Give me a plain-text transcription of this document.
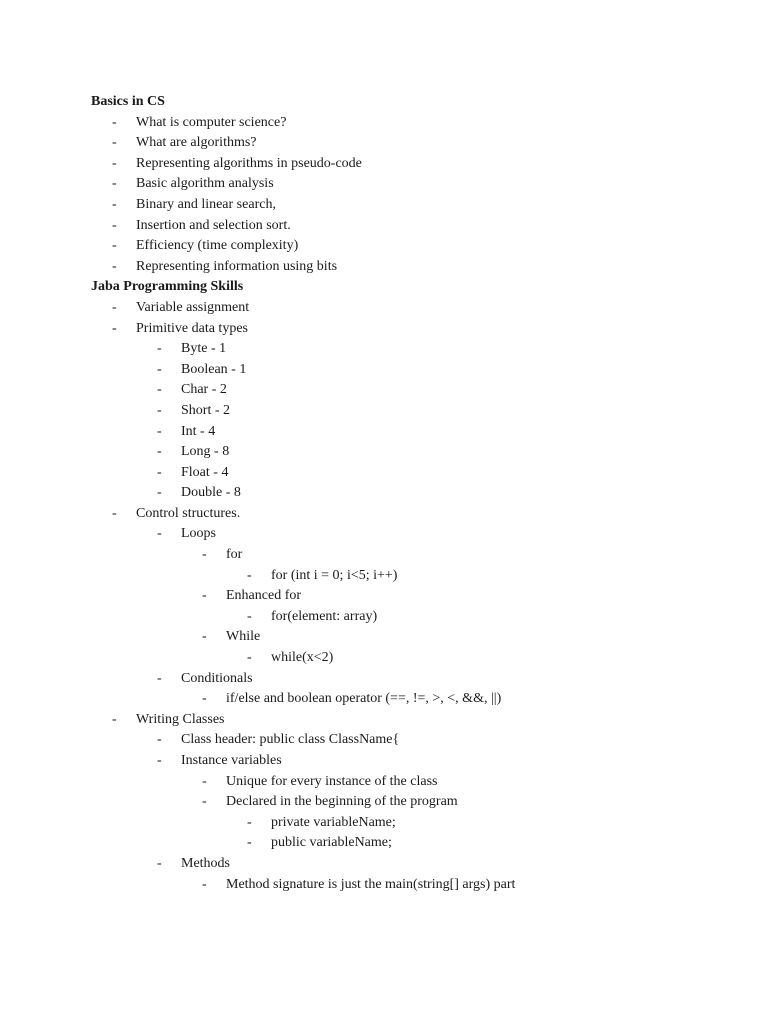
Basics in CS
- What is computer science?
- What are algorithms?
- Representing algorithms in pseudo-code
- Basic algorithm analysis
- Binary and linear search,
- Insertion and selection sort.
- Efficiency (time complexity)
- Representing information using bits
Jaba Programming Skills
- Variable assignment
- Primitive data types
- Byte - 1
- Boolean - 1
- Char - 2
- Short - 2
- Int - 4
- Long - 8
- Float - 4
- Double - 8
- Control structures.
- Loops
- for
- for (int i = 0; i<5; i++)
- Enhanced for
- for(element: array)
- While
- while(x<2)
- Conditionals
- if/else and boolean operator (==, !=, >, <, &&, ||)
- Writing Classes
- Class header: public class ClassName{
- Instance variables
- Unique for every instance of the class
- Declared in the beginning of the program
- private variableName;
- public variableName;
- Methods
- Method signature is just the main(string[] args) part
